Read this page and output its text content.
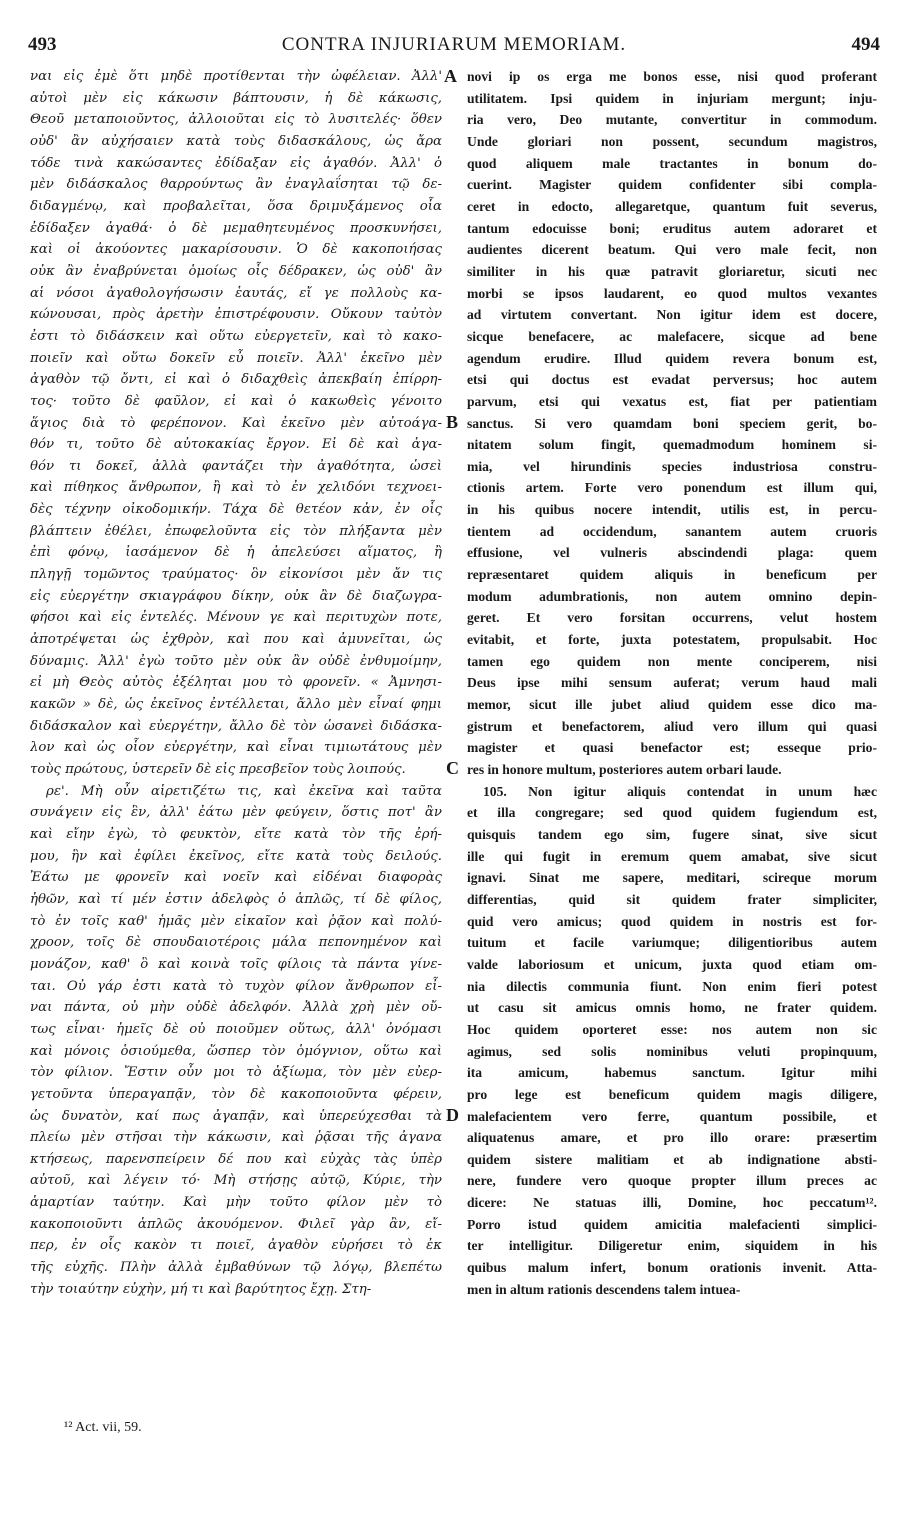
493	CONTRA INJURIARUM MEMORIAM.	494
ναι εἰς ἐμὲ ὅτι μηδὲ προτίθενται τὴν ὠφέλειαν. Ἀλλ'
αὐτοὶ μὲν εἰς κάκωσιν βάπτουσιν, ἡ δὲ κάκωσις,
Θεοῦ μεταποιοῦντος, ἀλλοιοῦται εἰς τὸ λυσιτελές· ὅθεν
οὐδ' ἂν αὐχήσαιεν κατὰ τοὺς διδασκάλους, ὡς ἄρα
τόδε τινὰ κακώσαντες ἐδίδαξαν εἰς ἀγαθόν. Ἀλλ' ὁ
μὲν διδάσκαλος θαρρούντως ἂν ἐναγλαΐσηται τῷ δε-
διδαγμένῳ, καὶ προβαλεῖται, ὅσα δριμυξάμενος οἷα
ἐδίδαξεν ἀγαθά· ὁ δὲ μεμαθητευμένος προσκυνήσει,
καὶ οἱ ἀκούοντες μακαρίσουσιν. Ὁ δὲ κακοποιήσας
οὐκ ἂν ἐναβρύνεται ὁμοίως οἷς δέδρακεν, ὡς οὐδ' ἂν
αἱ νόσοι ἀγαθολογήσωσιν ἑαυτάς, εἴ γε πολλοὺς κα-
κώνουσαι, πρὸς ἀρετὴν ἐπιστρέφουσιν. Οὔκουν ταὐτὸν
ἐστι τὸ διδάσκειν καὶ οὕτω εὐεργετεῖν, καὶ τὸ κακο-
ποιεῖν καὶ οὕτω δοκεῖν εὖ ποιεῖν. Ἀλλ' ἐκεῖνο μὲν
ἀγαθὸν τῷ ὄντι, εἰ καὶ ὁ διδαχθεὶς ἀπεκβαίη ἐπίρρη-
τος· τοῦτο δὲ φαῦλον, εἰ καὶ ὁ κακωθεὶς γένοιτο
ἅγιος διὰ τὸ φερέπονον. Καὶ ἐκεῖνο μὲν αὐτοάγα-
θόν τι, τοῦτο δὲ αὐτοκακίας ἔργον. Εἰ δὲ καὶ ἀγα-
θόν τι δοκεῖ, ἀλλὰ φαντάζει τὴν ἀγαθότητα, ὡσεὶ
καὶ πίθηκος ἄνθρωπον, ἢ καὶ τὸ ἐν χελιδόνι τεχνοει-
δὲς τέχνην οἰκοδομικήν. Τάχα δὲ θετέον κἀν, ἐν οἷς
βλάπτειν ἐθέλει, ἐπωφελοῦντα εἰς τὸν πλήξαντα μὲν
ἐπὶ φόνῳ, ἰασάμενον δὲ ἡ ἀπελεύσει αἵματος, ἢ
πληγῇ τομῶντος τραύματος· ὃν εἰκονίσοι μὲν ἄν τις
εἰς εὐεργέτην σκιαγράφου δίκην, οὐκ ἂν δὲ διαζωγρα-
φήσοι καὶ εἰς ἐντελές. Μένουν γε καὶ περιτυχὼν ποτε,
ἀποτρέψεται ὡς ἐχθρὸν, καὶ που καὶ ἀμυνεῖται, ὡς
δύναμις. Ἀλλ' ἐγὼ τοῦτο μὲν οὐκ ἂν οὐδὲ ἐνθυμοίμην,
εἰ μὴ Θεὸς αὐτὸς ἐξέληται μου τὸ φρονεῖν. « Ἀμνησι-
κακῶν » δὲ, ὡς ἐκεῖνος ἐντέλλεται, ἄλλο μὲν εἶναί φημι
διδάσκαλον καὶ εὐεργέτην, ἄλλο δὲ τὸν ὡσανεὶ διδάσκα-
λον καὶ ὡς οἷον εὐεργέτην, καὶ εἶναι τιμιωτάτους μὲν
τοὺς πρώτους, ὑστερεῖν δὲ εἰς πρεσβεῖον τοὺς λοιπούς.
ρε'. Μὴ οὖν αἱρετιζέτω τις, καὶ ἐκεῖνα καὶ ταῦτα
συνάγειν εἰς ἓν, ἀλλ' ἐάτω μὲν φεύγειν, ὅστις ποτ' ἂν
καὶ εἴην ἐγὼ, τὸ φευκτὸν, εἴτε κατὰ τὸν τῆς ἐρή-
μου, ἣν καὶ ἐφίλει ἐκεῖνος, εἴτε κατὰ τοὺς δειλούς.
Ἐάτω με φρονεῖν καὶ νοεῖν καὶ εἰδέναι διαφορὰς
ἠθῶν, καὶ τί μέν ἐστιν ἀδελφὸς ὁ ἁπλῶς, τί δὲ φίλος,
τὸ ἐν τοῖς καθ' ἡμᾶς μὲν εἰκαῖον καὶ ῥᾷον καὶ πολύ-
χροον, τοῖς δὲ σπουδαιοτέροις μάλα πεπονημένον καὶ
μονάζον, καθ' ὃ καὶ κοινὰ τοῖς φίλοις τὰ πάντα γίνε-
ται. Οὐ γάρ ἐστι κατὰ τὸ τυχὸν φίλον ἄνθρωπον εἶ-
ναι πάντα, οὐ μὴν οὐδὲ ἀδελφόν. Ἀλλὰ χρὴ μὲν οὔ-
τως εἶναι· ἡμεῖς δὲ οὐ ποιοῦμεν οὕτως, ἀλλ' ὀνόμασι
καὶ μόνοις ὁσιούμεθα, ὥσπερ τὸν ὁμόγνιον, οὕτω καὶ
τὸν φίλιον. Ἔστιν οὖν μοι τὸ ἀξίωμα, τὸν μὲν εὐερ-
γετοῦντα ὑπεραγαπᾷν, τὸν δὲ κακοποιοῦντα φέρειν,
ὡς δυνατὸν, καί πως ἀγαπᾷν, καὶ ὑπερεύχεσθαι τὰ
πλείω μὲν στῆσαι τὴν κάκωσιν, καὶ ῥᾷσαι τῆς ἀγανα
κτήσεως, παρενσπείρειν δέ που καὶ εὐχὰς τὰς ὑπὲρ
αὐτοῦ, καὶ λέγειν τό· Μὴ στήσῃς αὐτῷ, Κύριε, τὴν
ἁμαρτίαν ταύτην. Καὶ μὴν τοῦτο φίλον μὲν τὸ
κακοποιοῦντι ἁπλῶς ἀκουόμενον. Φιλεῖ γὰρ ἂν, εἴ-
περ, ἐν οἷς κακὸν τι ποιεῖ, ἀγαθὸν εὑρήσει τὸ ἐκ
τῆς εὐχῆς. Πλὴν ἀλλὰ ἐμβαθύνων τῷ λόγῳ, βλεπέτω
τὴν τοιαύτην εὐχὴν, μή τι καὶ βαρύτητος ἔχῃ. Στη-
novi ip os erga me bonos esse, nisi quod proferant
utilitatem. Ipsi quidem in injuriam mergunt; inju-
ria vero, Deo mutante, convertitur in commodum.
Unde gloriari non possent, secundum magistros,
quod aliquem male tractantes in bonum do-
cuerint. Magister quidem confidenter sibi compla-
ceret in edocto, allegaretque, quantum fuit severus,
tantum edocuisse boni; eruditus autem adoraret et
audientes dicerent beatum. Qui vero male fecit, non
similiter in his quæ patravit gloriaretur, sicuti nec
morbi se ipsos laudarent, eo quod multos vexantes
ad virtutem convertant. Non igitur idem est docere,
sicque benefacere, ac malefacere, sicque ad bene
agendum erudire. Illud quidem revera bonum est,
etsi qui doctus est evadat perversus; hoc autem
parvum, etsi qui vexatus est, fiat per patientiam
sanctus. Si vero quamdam boni speciem gerit, bo-
nitatem solum fingit, quemadmodum hominem si-
mia, vel hirundinis species industriosa constru-
ctionis artem. Forte vero ponendum est illum qui,
in his quibus nocere intendit, utilis est, in percu-
tientem ad occidendum, sanantem autem cruoris
effusione, vel vulneris abscindendi plaga: quem
repræsentaret quidem aliquis in beneficum per
modum adumbrationis, non autem omnino depin-
geret. Et vero forsitan occurrens, velut hostem
evitabit, et forte, juxta potestatem, propulsabit. Hoc
tamen ego quidem non mente conciperem, nisi
Deus ipse mihi sensum auferat; verum haud mali
memor, sicut ille jubet aliud quidem esse dico ma-
gistrum et benefactorem, aliud vero illum qui quasi
magister et quasi benefactor est; esseque prio-
res in honore multum, posteriores autem orbari laude.
105. Non igitur aliquis contendat in unum hæc
et illa congregare; sed quod quidem fugiendum est,
quisquis tandem ego sim, fugere sinat, sive sicut
ille qui fugit in eremum quem amabat, sive sicut
ignavi. Sinat me sapere, meditari, scireque morum
differentias, quid sit quidem frater simpliciter,
quid vero amicus; quod quidem in nostris est for-
tuitum et facile variumque; diligentioribus autem
valde laboriosum et unicum, juxta quod etiam om-
nia dilectis communia fiunt. Non enim fieri potest
ut casu sit amicus omnis homo, ne frater quidem.
Hoc quidem oporteret esse: nos autem non sic
agimus, sed solis nominibus veluti propinquum,
ita amicum, habemus sanctum. Igitur mihi
pro lege est beneficum quidem magis diligere,
malefacientem vero ferre, quantum possibile, et
aliquatenus amare, et pro illo orare: præsertim
quidem sistere malitiam et ab indignatione absti-
nere, fundere vero quoque propter illum preces ac
dicere: Ne statuas illi, Domine, hoc peccatum¹².
Porro istud quidem amicitia malefacienti simplici-
ter intelligitur. Diligeretur enim, siquidem in his
quibus malum infert, bonum orationis invenit. Atta-
men in altum rationis descendens talem intuea-
A
B
C
D
¹² Act. vii, 59.
